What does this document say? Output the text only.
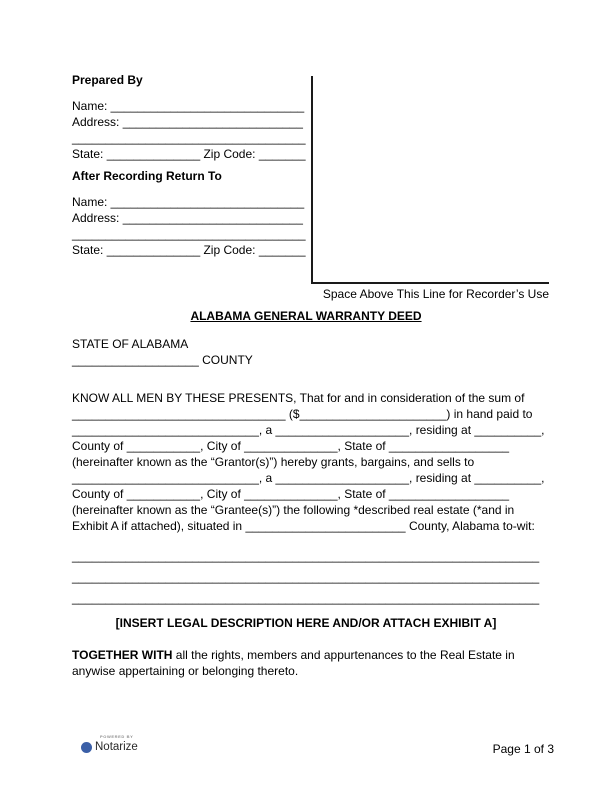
Prepared By
Name: _____________________________
Address: ___________________________
___________________________________
State: ______________ Zip Code: _______
After Recording Return To
Name: _____________________________
Address: ___________________________
___________________________________
State: ______________ Zip Code: _______
Space Above This Line for Recorder’s Use
ALABAMA GENERAL WARRANTY DEED
STATE OF ALABAMA
___________________ COUNTY
KNOW ALL MEN BY THESE PRESENTS, That for and in consideration of the sum of
________________________________ ($______________________) in hand paid to
____________________________, a ____________________, residing at __________,
County of ___________, City of ______________, State of __________________
(hereinafter known as the “Grantor(s)”) hereby grants, bargains, and sells to
____________________________, a ____________________, residing at __________,
County of ___________, City of ______________, State of __________________
(hereinafter known as the “Grantee(s)”) the following *described real estate (*and in
Exhibit A if attached), situated in ________________________ County, Alabama to-wit:
______________________________________________________________________
______________________________________________________________________
______________________________________________________________________
[INSERT LEGAL DESCRIPTION HERE AND/OR ATTACH EXHIBIT A]
TOGETHER WITH all the rights, members and appurtenances to the Real Estate in
anywise appertaining or belonging thereto.
POWERED BY
Notarize	Page 1 of 3
